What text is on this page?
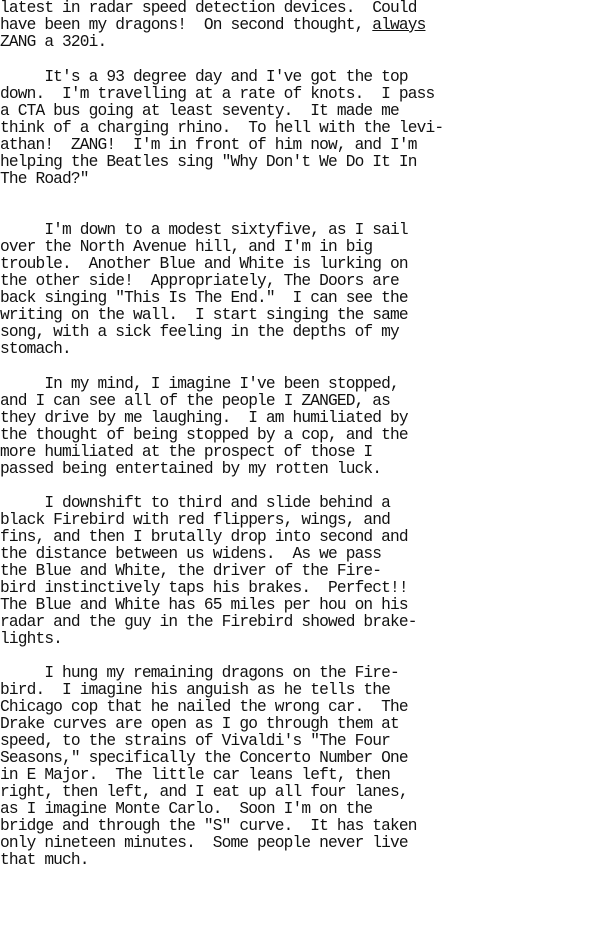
latest in radar speed detection devices.  Could
have been my dragons!  On second thought, always
ZANG a 320i.
It's a 93 degree day and I've got the top
down.  I'm travelling at a rate of knots.  I pass
a CTA bus going at least seventy.  It made me
think of a charging rhino.  To hell with the levi-
athan!  ZANG!  I'm in front of him now, and I'm
helping the Beatles sing "Why Don't We Do It In
The Road?"
I'm down to a modest sixtyfive, as I sail
over the North Avenue hill, and I'm in big
trouble.  Another Blue and White is lurking on
the other side!  Appropriately, The Doors are
back singing "This Is The End."  I can see the
writing on the wall.  I start singing the same
song, with a sick feeling in the depths of my
stomach.
In my mind, I imagine I've been stopped,
and I can see all of the people I ZANGED, as
they drive by me laughing.  I am humiliated by
the thought of being stopped by a cop, and the
more humiliated at the prospect of those I
passed being entertained by my rotten luck.
I downshift to third and slide behind a
black Firebird with red flippers, wings, and
fins, and then I brutally drop into second and
the distance between us widens.  As we pass
the Blue and White, the driver of the Fire-
bird instinctively taps his brakes.  Perfect!!
The Blue and White has 65 miles per hou on his
radar and the guy in the Firebird showed brake-
lights.
I hung my remaining dragons on the Fire-
bird.  I imagine his anguish as he tells the
Chicago cop that he nailed the wrong car.  The
Drake curves are open as I go through them at
speed, to the strains of Vivaldi's "The Four
Seasons," specifically the Concerto Number One
in E Major.  The little car leans left, then
right, then left, and I eat up all four lanes,
as I imagine Monte Carlo.  Soon I'm on the
bridge and through the "S" curve.  It has taken
only nineteen minutes.  Some people never live
that much.
